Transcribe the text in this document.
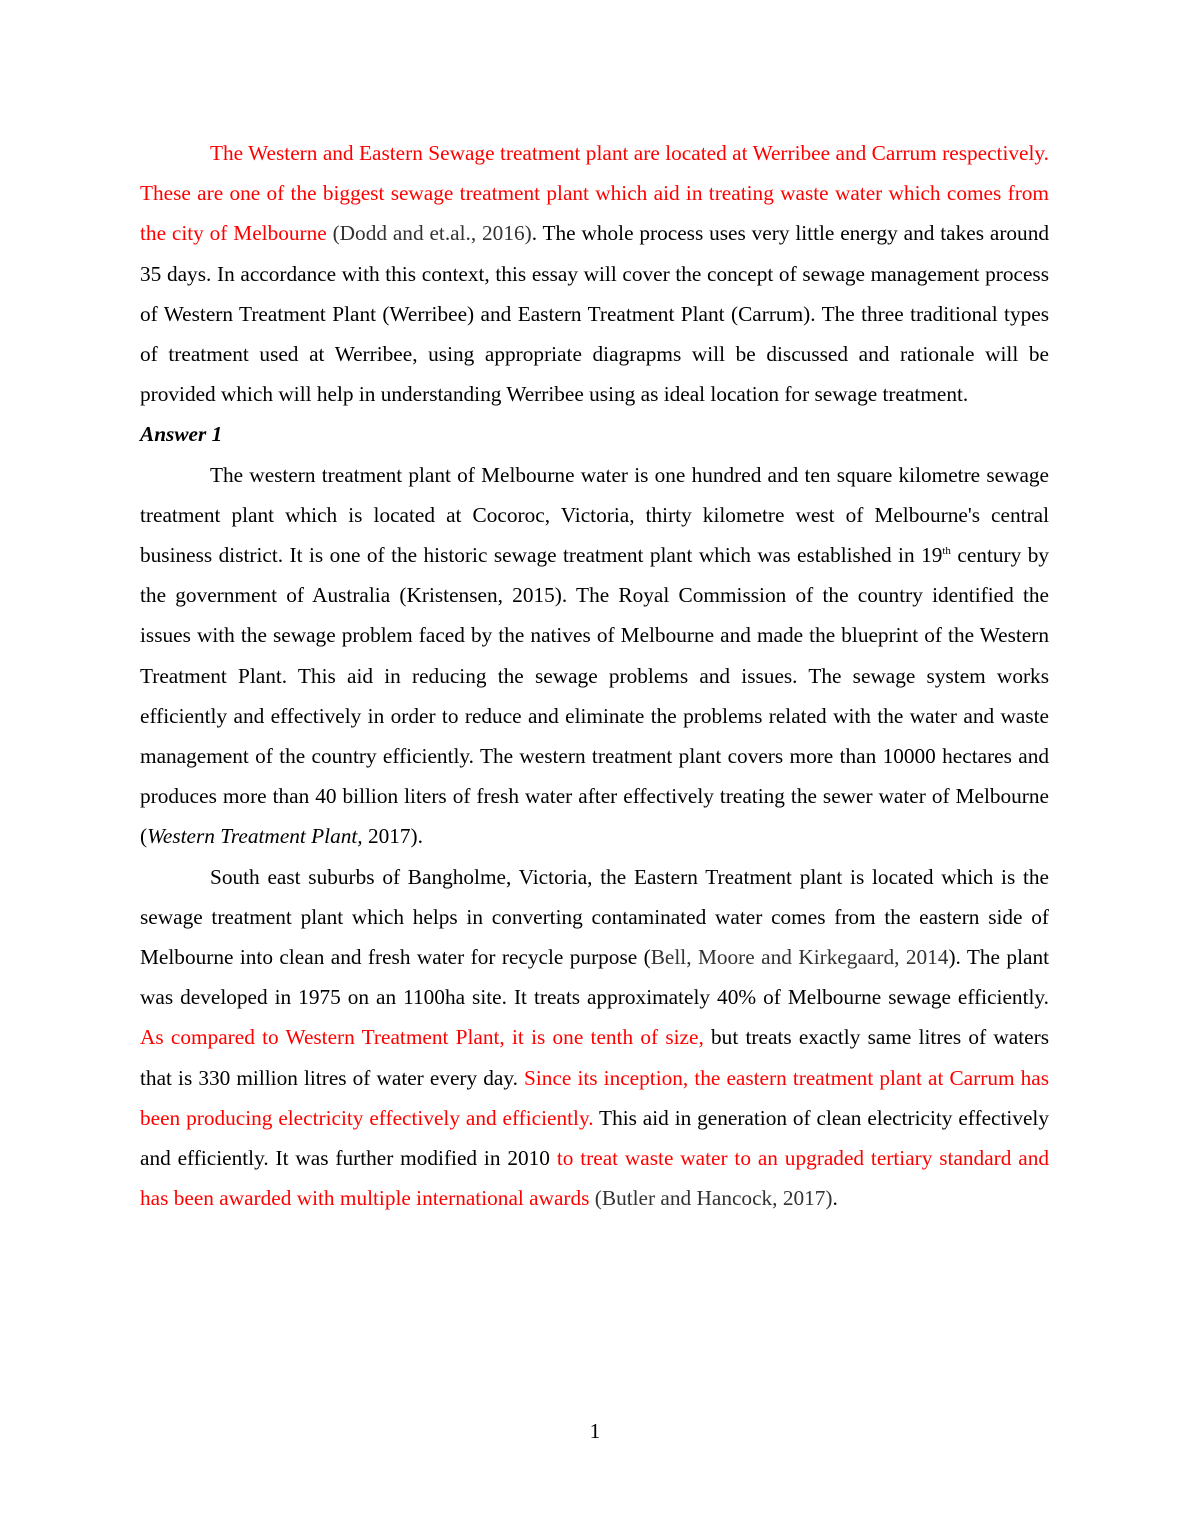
The Western and Eastern Sewage treatment plant are located at Werribee and Carrum respectively. These are one of the biggest sewage treatment plant which aid in treating waste water which comes from the city of Melbourne (Dodd and et.al., 2016). The whole process uses very little energy and takes around 35 days. In accordance with this context, this essay will cover the concept of sewage management process of Western Treatment Plant (Werribee) and Eastern Treatment Plant (Carrum). The three traditional types of treatment used at Werribee, using appropriate diagrapms will be discussed and rationale will be provided which will help in understanding Werribee using as ideal location for sewage treatment.

Answer 1

The western treatment plant of Melbourne water is one hundred and ten square kilometre sewage treatment plant which is located at Cocoroc, Victoria, thirty kilometre west of Melbourne's central business district. It is one of the historic sewage treatment plant which was established in 19th century by the government of Australia (Kristensen, 2015). The Royal Commission of the country identified the issues with the sewage problem faced by the natives of Melbourne and made the blueprint of the Western Treatment Plant. This aid in reducing the sewage problems and issues. The sewage system works efficiently and effectively in order to reduce and eliminate the problems related with the water and waste management of the country efficiently. The western treatment plant covers more than 10000 hectares and produces more than 40 billion liters of fresh water after effectively treating the sewer water of Melbourne (Western Treatment Plant, 2017).

South east suburbs of Bangholme, Victoria, the Eastern Treatment plant is located which is the sewage treatment plant which helps in converting contaminated water comes from the eastern side of Melbourne into clean and fresh water for recycle purpose (Bell, Moore and Kirkegaard, 2014). The plant was developed in 1975 on an 1100ha site. It treats approximately 40% of Melbourne sewage efficiently. As compared to Western Treatment Plant, it is one tenth of size, but treats exactly same litres of waters that is 330 million litres of water every day. Since its inception, the eastern treatment plant at Carrum has been producing electricity effectively and efficiently. This aid in generation of clean electricity effectively and efficiently. It was further modified in 2010 to treat waste water to an upgraded tertiary standard and has been awarded with multiple international awards (Butler and Hancock, 2017).

1
